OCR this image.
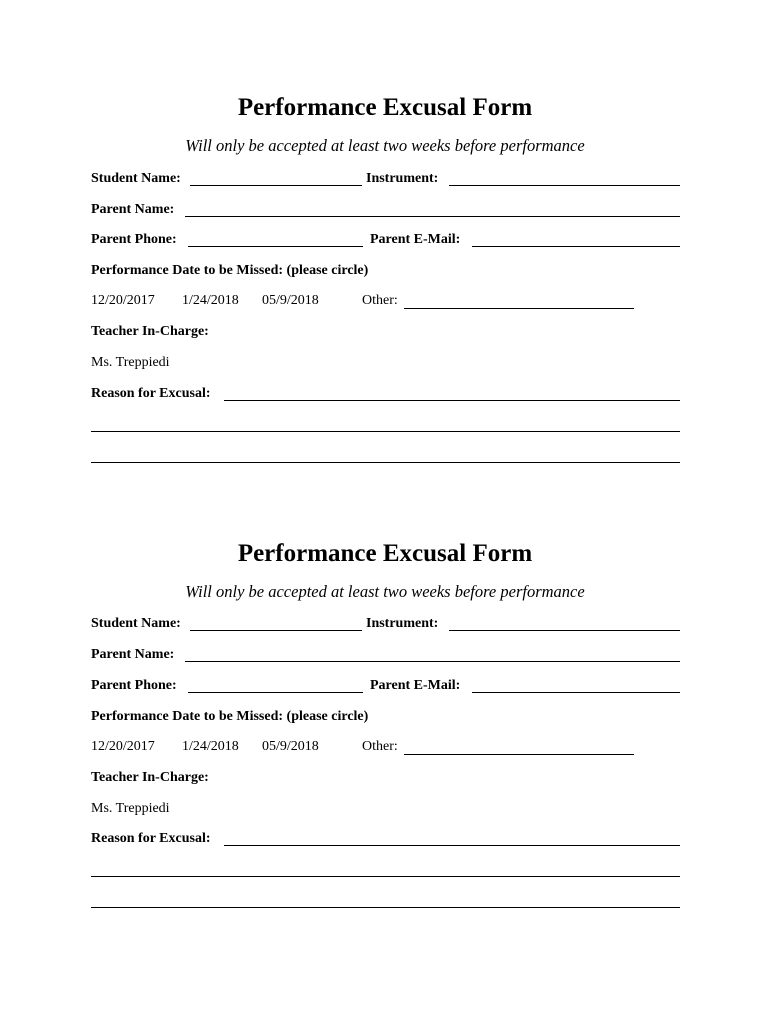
Performance Excusal Form
Will only be accepted at least two weeks before performance
Student Name:	Instrument:
Parent Name:
Parent Phone:	Parent E-Mail:
Performance Date to be Missed: (please circle)
12/20/2017 1/24/2018 05/9/2018	Other:
Teacher In-Charge:
Ms. Treppiedi
Reason for Excusal:
Performance Excusal Form
Will only be accepted at least two weeks before performance
Student Name:	Instrument:
Parent Name:
Parent Phone:	Parent E-Mail:
Performance Date to be Missed: (please circle)
12/20/2017 1/24/2018 05/9/2018	Other:
Teacher In-Charge:
Ms. Treppiedi
Reason for Excusal:
